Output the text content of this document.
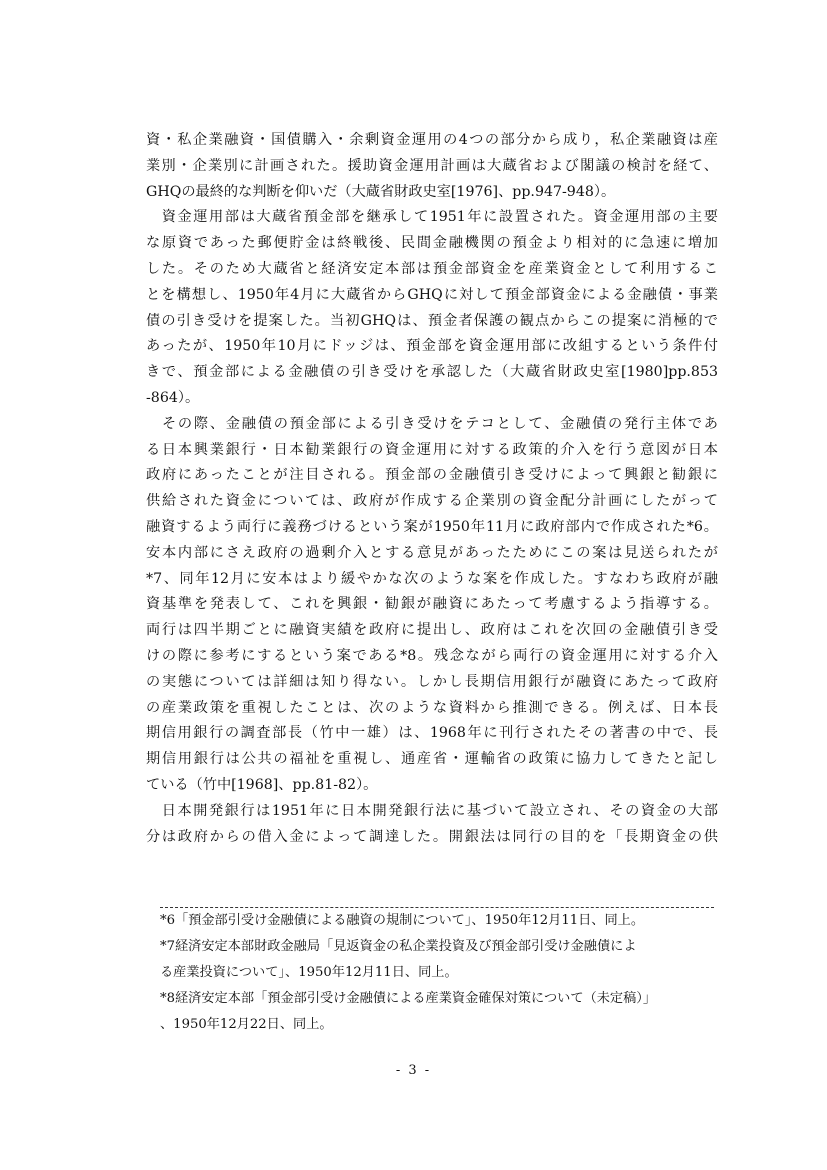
資・私企業融資・国債購入・余剰資金運用の4つの部分から成り，私企業融資は産
業別・企業別に計画された。援助資金運用計画は大蔵省および閣議の検討を経て、
GHQの最終的な判断を仰いだ（大蔵省財政史室[1976]、pp.947-948）。
　資金運用部は大蔵省預金部を継承して1951年に設置された。資金運用部の主要
な原資であった郵便貯金は終戦後、民間金融機関の預金より相対的に急速に増加
した。そのため大蔵省と経済安定本部は預金部資金を産業資金として利用するこ
とを構想し、1950年4月に大蔵省からGHQに対して預金部資金による金融債・事業
債の引き受けを提案した。当初GHQは、預金者保護の観点からこの提案に消極的で
あったが、1950年10月にドッジは、預金部を資金運用部に改組するという条件付
きで、預金部による金融債の引き受けを承認した（大蔵省財政史室[1980]pp.853
-864）。
　その際、金融債の預金部による引き受けをテコとして、金融債の発行主体であ
る日本興業銀行・日本勧業銀行の資金運用に対する政策的介入を行う意図が日本
政府にあったことが注目される。預金部の金融債引き受けによって興銀と勧銀に
供給された資金については、政府が作成する企業別の資金配分計画にしたがって
融資するよう両行に義務づけるという案が1950年11月に政府部内で作成された*6。
安本内部にさえ政府の過剰介入とする意見があったためにこの案は見送られたが
*7、同年12月に安本はより緩やかな次のような案を作成した。すなわち政府が融
資基準を発表して、これを興銀・勧銀が融資にあたって考慮するよう指導する。
両行は四半期ごとに融資実績を政府に提出し、政府はこれを次回の金融債引き受
けの際に参考にするという案である*8。残念ながら両行の資金運用に対する介入
の実態については詳細は知り得ない。しかし長期信用銀行が融資にあたって政府
の産業政策を重視したことは、次のような資料から推測できる。例えば、日本長
期信用銀行の調査部長（竹中一雄）は、1968年に刊行されたその著書の中で、長
期信用銀行は公共の福祉を重視し、通産省・運輸省の政策に協力してきたと記し
ている（竹中[1968]、pp.81-82）。
　日本開発銀行は1951年に日本開発銀行法に基づいて設立され、その資金の大部
分は政府からの借入金によって調達した。開銀法は同行の目的を「長期資金の供
*6「預金部引受け金融債による融資の規制について」、1950年12月11日、同上。
*7経済安定本部財政金融局「見返資金の私企業投資及び預金部引受け金融債によ
る産業投資について」、1950年12月11日、同上。
*8経済安定本部「預金部引受け金融債による産業資金確保対策について（未定稿）」
、1950年12月22日、同上。
- 3 -
